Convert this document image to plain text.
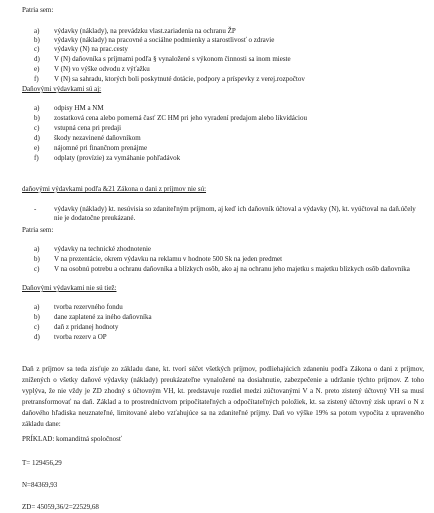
Patria sem:
a) výdavky (náklady), na prevádzku vlast.zariadenia na ochranu ŽP
b) výdavky (náklady) na pracovné a sociálne podmienky a starostlivosť o zdravie
c) výdavky (N) na prac.cesty
d) V (N) daňovníka s príjmami podľa § vynaložené s výkonom činnosti sa inom mieste
e) V (N) vo výške odvodu z výťažku
f) V (N) sa sahradu, ktorých boli poskytnuté dotácie, podpory a príspevky z verej.rozpočtov
Daňovými výdavkami sú aj:
a) odpisy HM a NM
b) zostatková cena alebo pomerná časť ZC HM pri jeho vyradení predajom alebo likvidáciou
c) vstupná cena pri predaji
d) škody nezavinené daňovníkom
e) nájomné pri finančnom prenájme
f) odplaty (provízie) za vymáhanie pohľadávok
daňovými výdavkami podľa &21 Zákona o dani z príjmov nie sú:
-	výdavky (náklady) kt. nesúvisia so zdaniteľným príjmom, aj keď ich daňovník účtoval a výdavky (N), kt. vyúčtoval na daň.účely nie je dodatočne preukázané.
Patria sem:
a) výdavky na technické zhodnotenie
b) V na prezentácie, okrem výdavku na reklamu v hodnote 500 Sk na jeden predmet
c) V na osobnú potrebu a ochranu daňovníka a blízkych osôb, ako aj na ochranu jeho majetku s majetku blízkych osôb daňovníka
Daňovými výdavkami nie sú tiež:
a) tvorba rezervného fondu
b) dane zaplatené za iného daňovníka
c) daň z pridanej hodnoty
d) tvorba rezerv a OP
Daň z príjmov sa teda zisťuje zo základu dane, kt. tvorí súčet všetkých príjmov, podliehajúcich zdaneniu podľa Zákona o dani z príjmov, znížených o všetky daňové výdavky (náklady) preukázateľne vynaložené na dosiahnutie, zabezpečenie a udržanie týchto príjmov. Z toho vyplýva, že nie vždy je ZD zhodný s účtovným VH, kt. predstavuje rozdiel medzi zúčtovanými V a N. preto zistený účtovný VH sa musí pretransformovať na daň. Základ a to prostredníctvom pripočítateľných a odpočítateľných položiek, kt. sa zistený účtovný zisk upraví o N z daňového hľadiska neuznateľné, limitované alebo vzťahujúce sa na zdaniteľné príjmy. Daň vo výške 19% sa potom vypočíta z upraveného základu dane:
PRÍKLAD: komanditná spoločnosť
T= 129456,29
N=84369,93
ZD= 45059,36/2=22529,68
